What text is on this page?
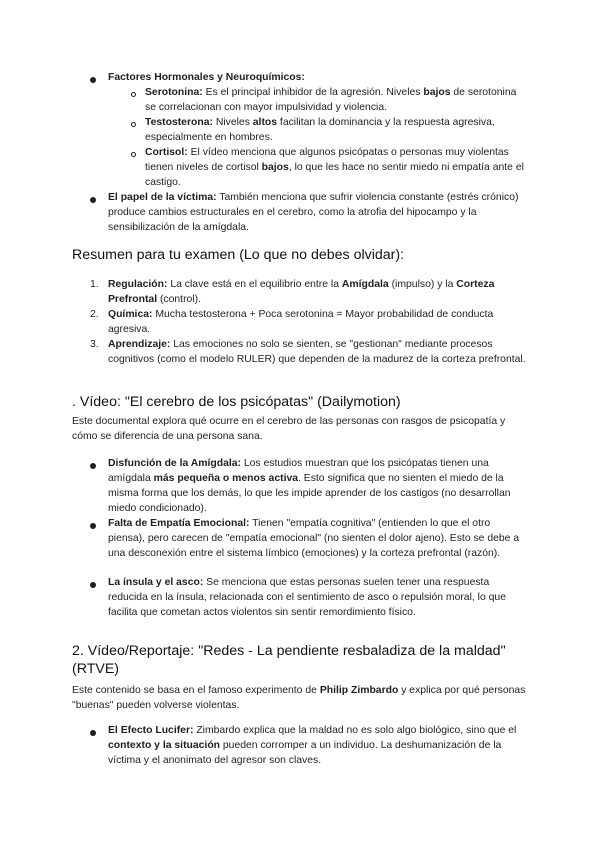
Factores Hormonales y Neuroquímicos:
Serotonina: Es el principal inhibidor de la agresión. Niveles bajos de serotonina se correlacionan con mayor impulsividad y violencia.
Testosterona: Niveles altos facilitan la dominancia y la respuesta agresiva, especialmente en hombres.
Cortisol: El vídeo menciona que algunos psicópatas o personas muy violentas tienen niveles de cortisol bajos, lo que les hace no sentir miedo ni empatía ante el castigo.
El papel de la víctima: También menciona que sufrir violencia constante (estrés crónico) produce cambios estructurales en el cerebro, como la atrofia del hipocampo y la sensibilización de la amígdala.
Resumen para tu examen (Lo que no debes olvidar):
1. Regulación: La clave está en el equilibrio entre la Amígdala (impulso) y la Corteza Prefrontal (control).
2. Química: Mucha testosterona + Poca serotonina = Mayor probabilidad de conducta agresiva.
3. Aprendizaje: Las emociones no solo se sienten, se "gestionan" mediante procesos cognitivos (como el modelo RULER) que dependen de la madurez de la corteza prefrontal.
. Vídeo: "El cerebro de los psicópatas" (Dailymotion)

Este documental explora qué ocurre en el cerebro de las personas con rasgos de psicopatía y cómo se diferencia de una persona sana.

Disfunción de la Amígdala: Los estudios muestran que los psicópatas tienen una amígdala más pequeña o menos activa. Esto significa que no sienten el miedo de la misma forma que los demás, lo que les impide aprender de los castigos (no desarrollan miedo condicionado).
Falta de Empatía Emocional: Tienen "empatía cognitiva" (entienden lo que el otro piensa), pero carecen de "empatía emocional" (no sienten el dolor ajeno). Esto se debe a una desconexión entre el sistema límbico (emociones) y la corteza prefrontal (razón).
La ínsula y el asco: Se menciona que estas personas suelen tener una respuesta reducida en la ínsula, relacionada con el sentimiento de asco o repulsión moral, lo que facilita que cometan actos violentos sin sentir remordimiento físico.
2. Vídeo/Reportaje: "Redes - La pendiente resbaladiza de la maldad" (RTVE)

Este contenido se basa en el famoso experimento de Philip Zimbardo y explica por qué personas "buenas" pueden volverse violentas.

El Efecto Lucifer: Zimbardo explica que la maldad no es solo algo biológico, sino que el contexto y la situación pueden corromper a un individuo. La deshumanización de la víctima y el anonimato del agresor son claves.
